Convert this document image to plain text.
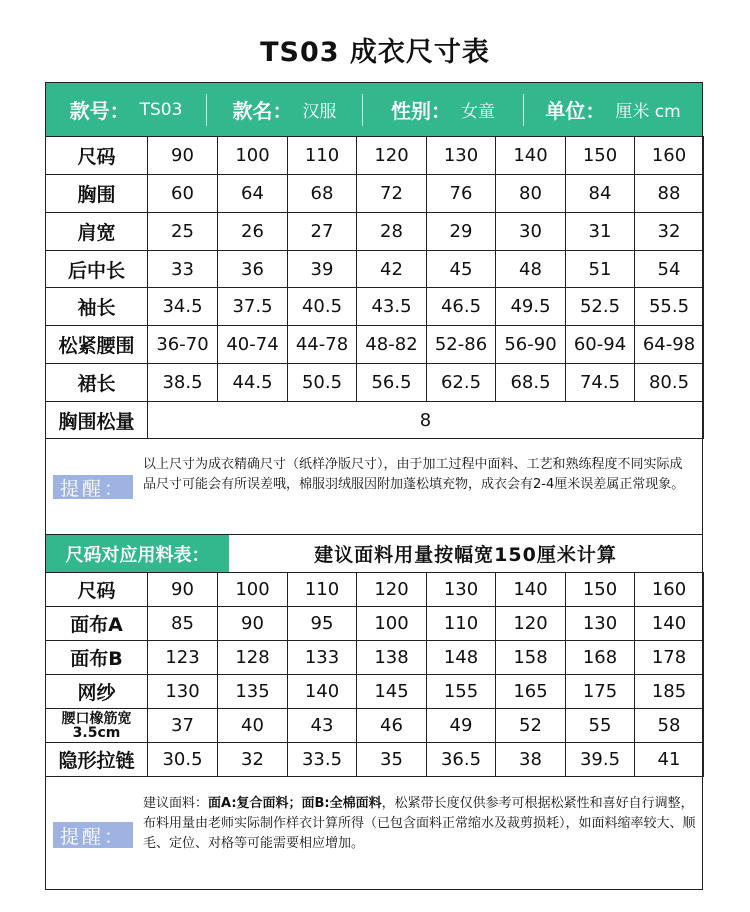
TS03 成衣尺寸表
款号： TS03	款名： 汉服	性别： 女童	单位： 厘米 cm
尺码	90	100	110	120	130	140	150	160
胸围	60	64	68	72	76	80	84	88
肩宽	25	26	27	28	29	30	31	32
后中长	33	36	39	42	45	48	51	54
袖长	34.5	37.5	40.5	43.5	46.5	49.5	52.5	55.5
松紧腰围	36-70	40-74	44-78	48-82	52-86	56-90	60-94	64-98
裙长	38.5	44.5	50.5	56.5	62.5	68.5	74.5	80.5
胸围松量	8							
提醒：
以上尺寸为成衣精确尺寸（纸样净版尺寸），由于加工过程中面料、工艺和熟练程度不同实际成品尺寸可能会有所误差哦，棉服羽绒服因附加蓬松填充物，成衣会有2-4厘米误差属正常现象。
尺码对应用料表：	建议面料用量按幅宽150厘米计算
尺码	90	100	110	120	130	140	150	160
面布A	85	90	95	100	110	120	130	140
面布B	123	128	133	138	148	158	168	178
网纱	130	135	140	145	155	165	175	185
腰口橡筋宽3.5cm	37	40	43	46	49	52	55	58
隐形拉链	30.5	32	33.5	35	36.5	38	39.5	41
提醒：
建议面料：面A:复合面料；面B:全棉面料，松紧带长度仅供参考可根据松紧性和喜好自行调整，布料用量由老师实际制作样衣计算所得（已包含面料正常缩水及裁剪损耗），如面料缩率较大、顺毛、定位、对格等可能需要相应增加。
